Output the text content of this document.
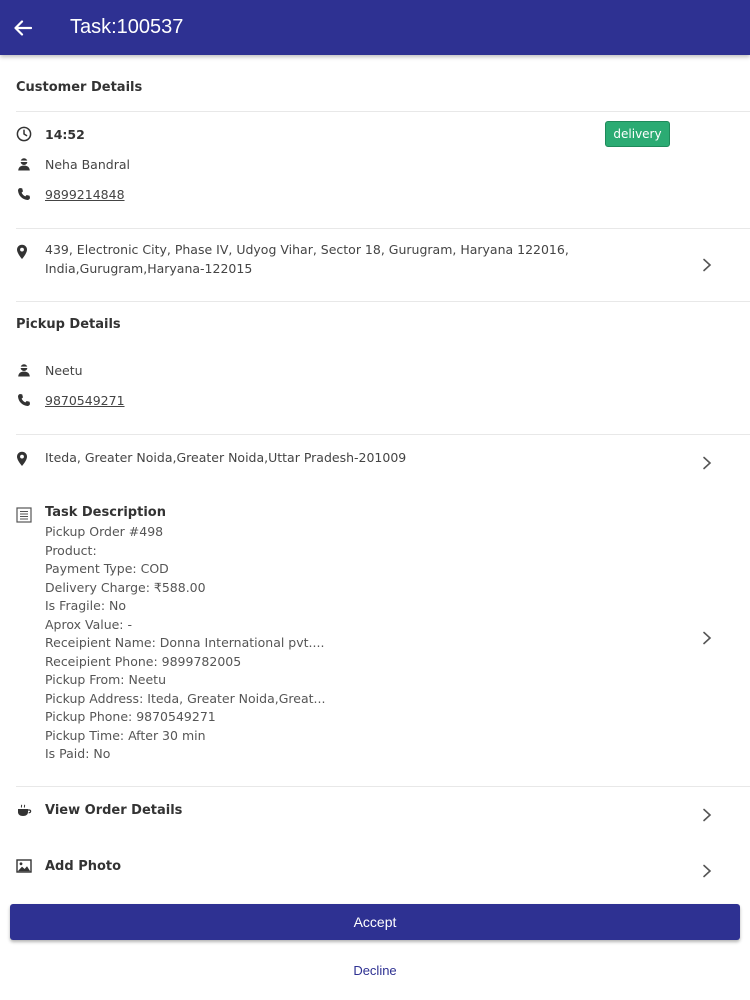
Task:100537
Customer Details
14:52	delivery
Neha Bandral
9899214848
439, Electronic City, Phase IV, Udyog Vihar, Sector 18, Gurugram, Haryana 122016,
India,Gurugram,Haryana-122015
Pickup Details
Neetu
9870549271
Iteda, Greater Noida,Greater Noida,Uttar Pradesh-201009
Task Description
Pickup Order #498
Product:
Payment Type: COD
Delivery Charge: ₹588.00
Is Fragile: No
Aprox Value: -
Receipient Name: Donna International pvt....
Receipient Phone: 9899782005
Pickup From: Neetu
Pickup Address: Iteda, Greater Noida,Great...
Pickup Phone: 9870549271
Pickup Time: After 30 min
Is Paid: No
View Order Details
Add Photo
Accept
Decline
